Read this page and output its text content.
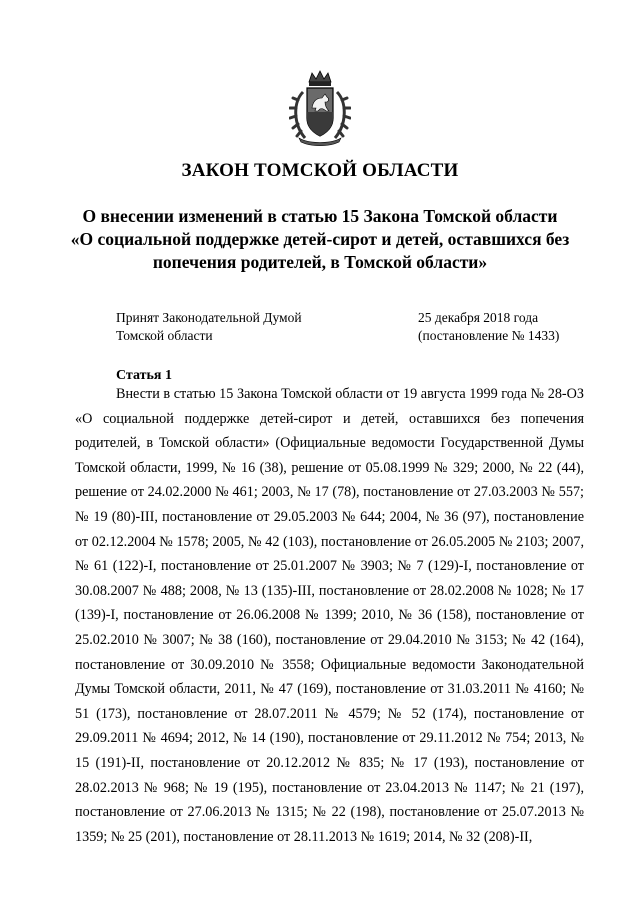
ЗАКОН ТОМСКОЙ ОБЛАСТИ
О внесении изменений в статью 15 Закона Томской области «О социальной поддержке детей-сирот и детей, оставшихся без попечения родителей, в Томской области»
Принят Законодательной Думой
Томской области
25 декабря 2018 года
(постановление № 1433)
Статья 1
Внести в статью 15 Закона Томской области от 19 августа 1999 года № 28-ОЗ «О социальной поддержке детей-сирот и детей, оставшихся без попечения родителей, в Томской области» (Официальные ведомости Государственной Думы Томской области, 1999, № 16 (38), решение от 05.08.1999 № 329; 2000, № 22 (44), решение от 24.02.2000 № 461; 2003, № 17 (78), постановление от 27.03.2003 № 557; № 19 (80)-III, постановление от 29.05.2003 № 644; 2004, № 36 (97), постановление от 02.12.2004 № 1578; 2005, № 42 (103), постановление от 26.05.2005 № 2103; 2007, № 61 (122)-I, постановление от 25.01.2007 № 3903; № 7 (129)-I, постановление от 30.08.2007 № 488; 2008, № 13 (135)-III, постановление от 28.02.2008 № 1028; № 17 (139)-I, постановление от 26.06.2008 № 1399; 2010, № 36 (158), постановление от 25.02.2010 № 3007; № 38 (160), постановлeние от 29.04.2010 № 3153; № 42 (164), постановление от 30.09.2010 № 3558; Официальные ведомости Законодательной Думы Томской области, 2011, № 47 (169), постановление от 31.03.2011 № 4160; № 51 (173), постановление от 28.07.2011 № 4579; № 52 (174), постановление от 29.09.2011 № 4694; 2012, № 14 (190), постановление от 29.11.2012 № 754; 2013, № 15 (191)-II, постановление от 20.12.2012 № 835; № 17 (193), постановление от 28.02.2013 № 968; № 19 (195), постановление от 23.04.2013 № 1147; № 21 (197), постановление от 27.06.2013 № 1315; № 22 (198), постановление от 25.07.2013 № 1359; № 25 (201), постановление от 28.11.2013 № 1619; 2014, № 32 (208)-II,
